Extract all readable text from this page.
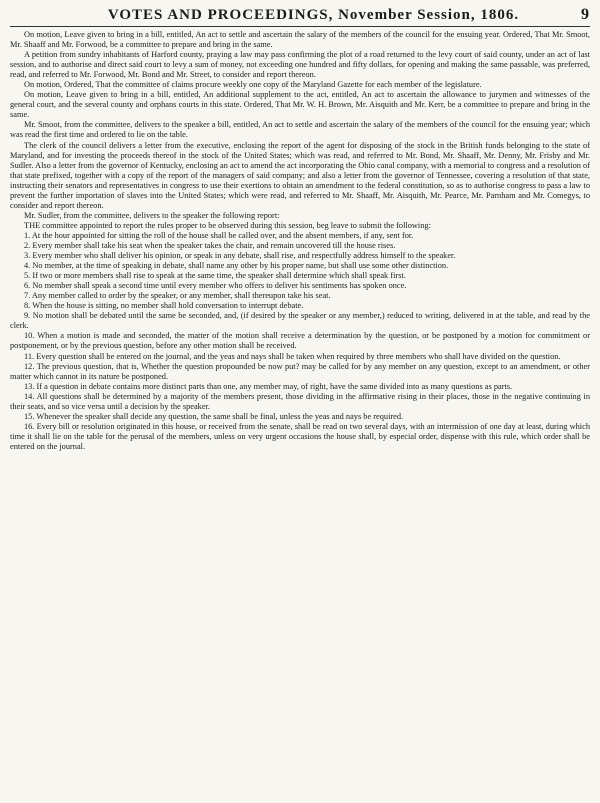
VOTES AND PROCEEDINGS, November Session, 1806.	9

On motion, Leave given to bring in a bill, entitled, An act to settle and ascertain the salary of the members of the council for the ensuing year. Ordered, That Mr. Smoot, Mr. Shaaff and Mr. Forwood, be a committee to prepare and bring in the same.

A petition from sundry inhabitants of Harford county, praying a law may pass confirming the plot of a road returned to the levy court of said county, under an act of last session, and to authorise and direct said court to levy a sum of money, not exceeding one hundred and fifty dollars, for opening and making the same passable, was preferred, read, and referred to Mr. Forwood, Mr. Bond and Mr. Street, to consider and report thereon.

On motion, Ordered, That the committee of claims procure weekly one copy of the Maryland Gazette for each member of the legislature.

On motion, Leave given to bring in a bill, entitled, An additional supplement to the act, entitled, An act to ascertain the allowance to jurymen and witnesses of the general court, and the several county and orphans courts in this state. Ordered, That Mr. W. H. Brown, Mr. Aisquith and Mr. Kerr, be a committee to prepare and bring in the same.

Mr. Smoot, from the committee, delivers to the speaker a bill, entitled, An act to settle and ascertain the salary of the members of the council for the ensuing year; which was read the first time and ordered to lie on the table.

The clerk of the council delivers a letter from the executive, enclosing the report of the agent for disposing of the stock in the British funds belonging to the state of Maryland, and for investing the proceeds thereof in the stock of the United States; which was read, and referred to Mr. Bond, Mr. Shaaff, Mr. Denny, Mr. Frisby and Mr. Sudler. Also a letter from the governor of Kentucky, enclosing an act to amend the act incorporating the Ohio canal company, with a memorial to congress and a resolution of that state prefixed, together with a copy of the report of the managers of said company; and also a letter from the governor of Tennessee, covering a resolution of that state, instructing their senators and representatives in congress to use their exertions to obtain an amendment to the federal constitution, so as to authorise congress to pass a law to prevent the further importation of slaves into the United States; which were read, and referred to Mr. Shaaff, Mr. Aisquith, Mr. Pearce, Mr. Parnham and Mr. Comegys, to consider and report thereon.

Mr. Sudler, from the committee, delivers to the speaker the following report:

THE committee appointed to report the rules proper to be observed during this session, beg leave to submit the following:

1. At the hour appointed for sitting the roll of the house shall be called over, and the absent members, if any, sent for.

2. Every member shall take his seat when the speaker takes the chair, and remain uncovered till the house rises.

3. Every member who shall deliver his opinion, or speak in any debate, shall rise, and respectfully address himself to the speaker.

4. No member, at the time of speaking in debate, shall name any other by his proper name, but shall use some other distinction.

5. If two or more members shall rise to speak at the same time, the speaker shall determine which shall speak first.

6. No member shall speak a second time until every member who offers to deliver his sentiments has spoken once.

7. Any member called to order by the speaker, or any member, shall thereupon take his seat.

8. When the house is sitting, no member shall hold conversation to interrupt debate.

9. No motion shall be debated until the same be seconded, and, (if desired by the speaker or any member,) reduced to writing, delivered in at the table, and read by the clerk.

10. When a motion is made and seconded, the matter of the motion shall receive a determination by the question, or be postponed by a motion for commitment or postponement, or by the previous question, before any other motion shall be received.

11. Every question shall be entered on the journal, and the yeas and nays shall be taken when required by three members who shall have divided on the question.

12. The previous question, that is, Whether the question propounded be now put? may be called for by any member on any question, except to an amendment, or other matter which cannot in its nature be postponed.

13. If a question in debate contains more distinct parts than one, any member may, of right, have the same divided into as many questions as parts.

14. All questions shall be determined by a majority of the members present, those dividing in the affirmative rising in their places, those in the negative continuing in their seats, and so vice versa until a decision by the speaker.

15. Whenever the speaker shall decide any question, the same shall be final, unless the yeas and nays be required.

16. Every bill or resolution originated in this house, or received from the senate, shall be read on two several days, with an intermission of one day at least, during which time it shall lie on the table for the perusal of the members, unless on very urgent occasions the house shall, by especial order, dispense with this rule, which order shall be entered on the journal.
